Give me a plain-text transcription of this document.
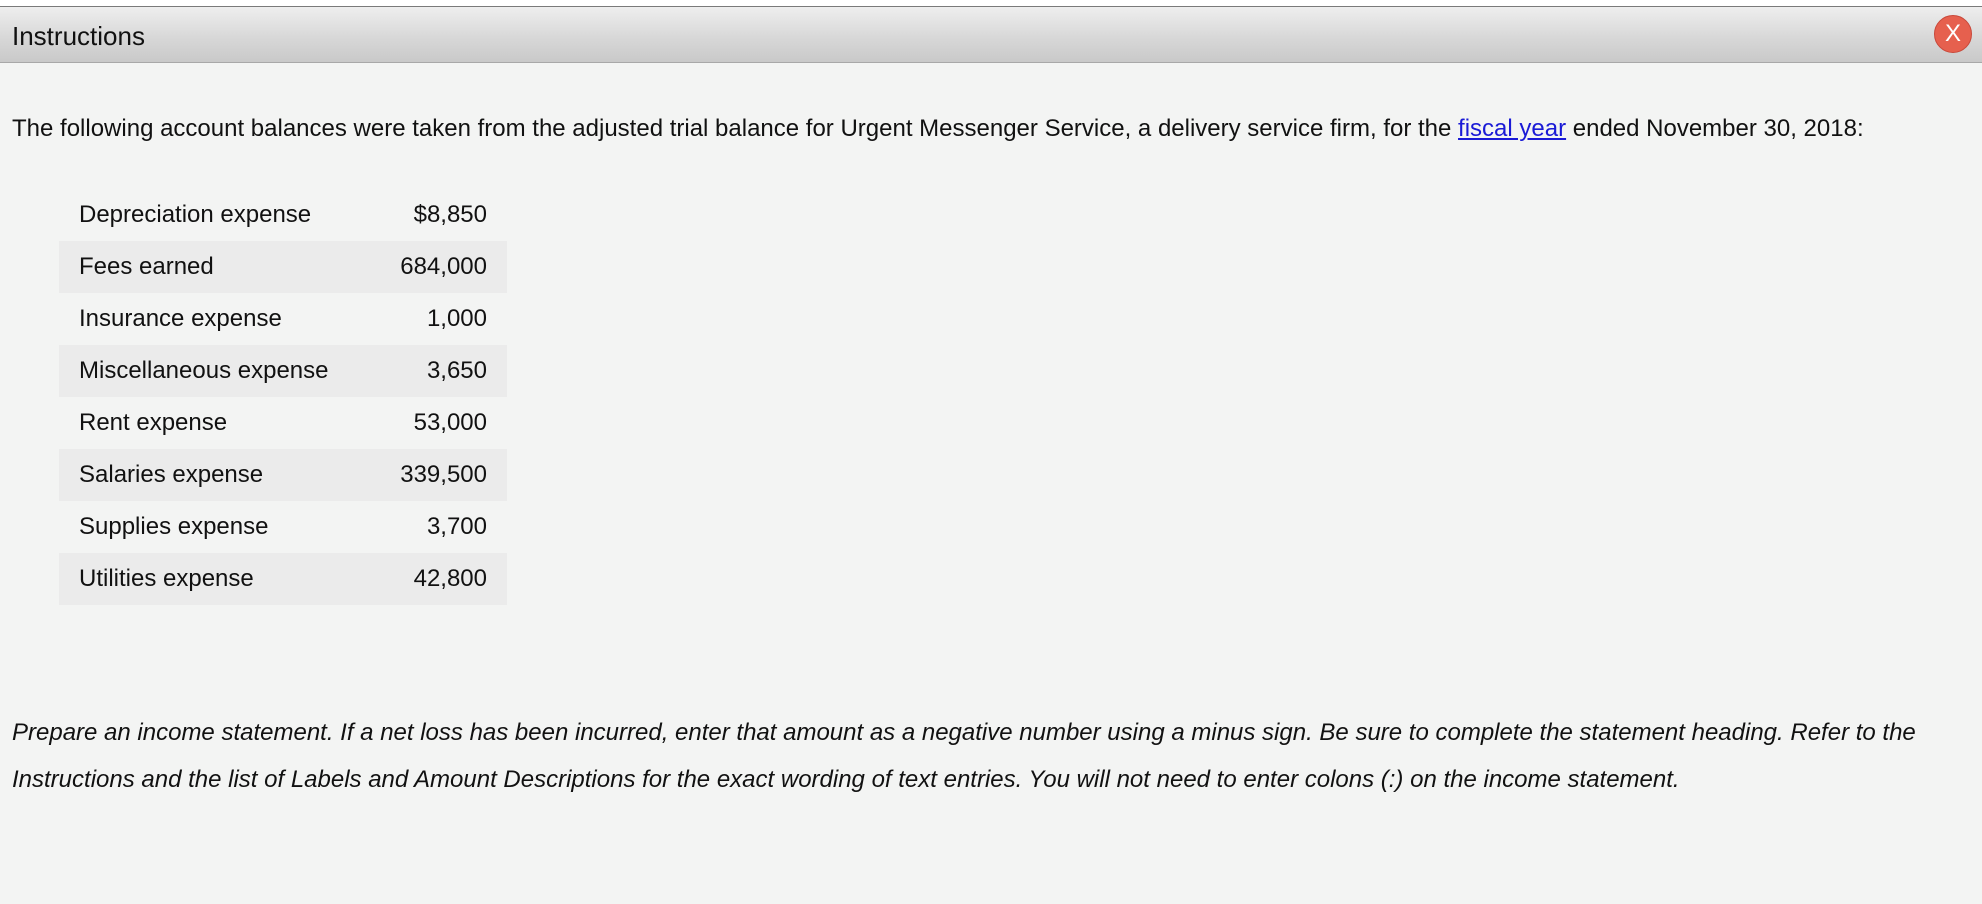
Instructions	X
The following account balances were taken from the adjusted trial balance for Urgent Messenger Service, a delivery service firm, for the fiscal year ended November 30, 2018:
Depreciation expense	$8,850
Fees earned	684,000
Insurance expense	1,000
Miscellaneous expense	3,650
Rent expense	53,000
Salaries expense	339,500
Supplies expense	3,700
Utilities expense	42,800
Prepare an income statement. If a net loss has been incurred, enter that amount as a negative number using a minus sign. Be sure to complete the statement heading. Refer to the Instructions and the list of Labels and Amount Descriptions for the exact wording of text entries. You will not need to enter colons (:) on the income statement.
